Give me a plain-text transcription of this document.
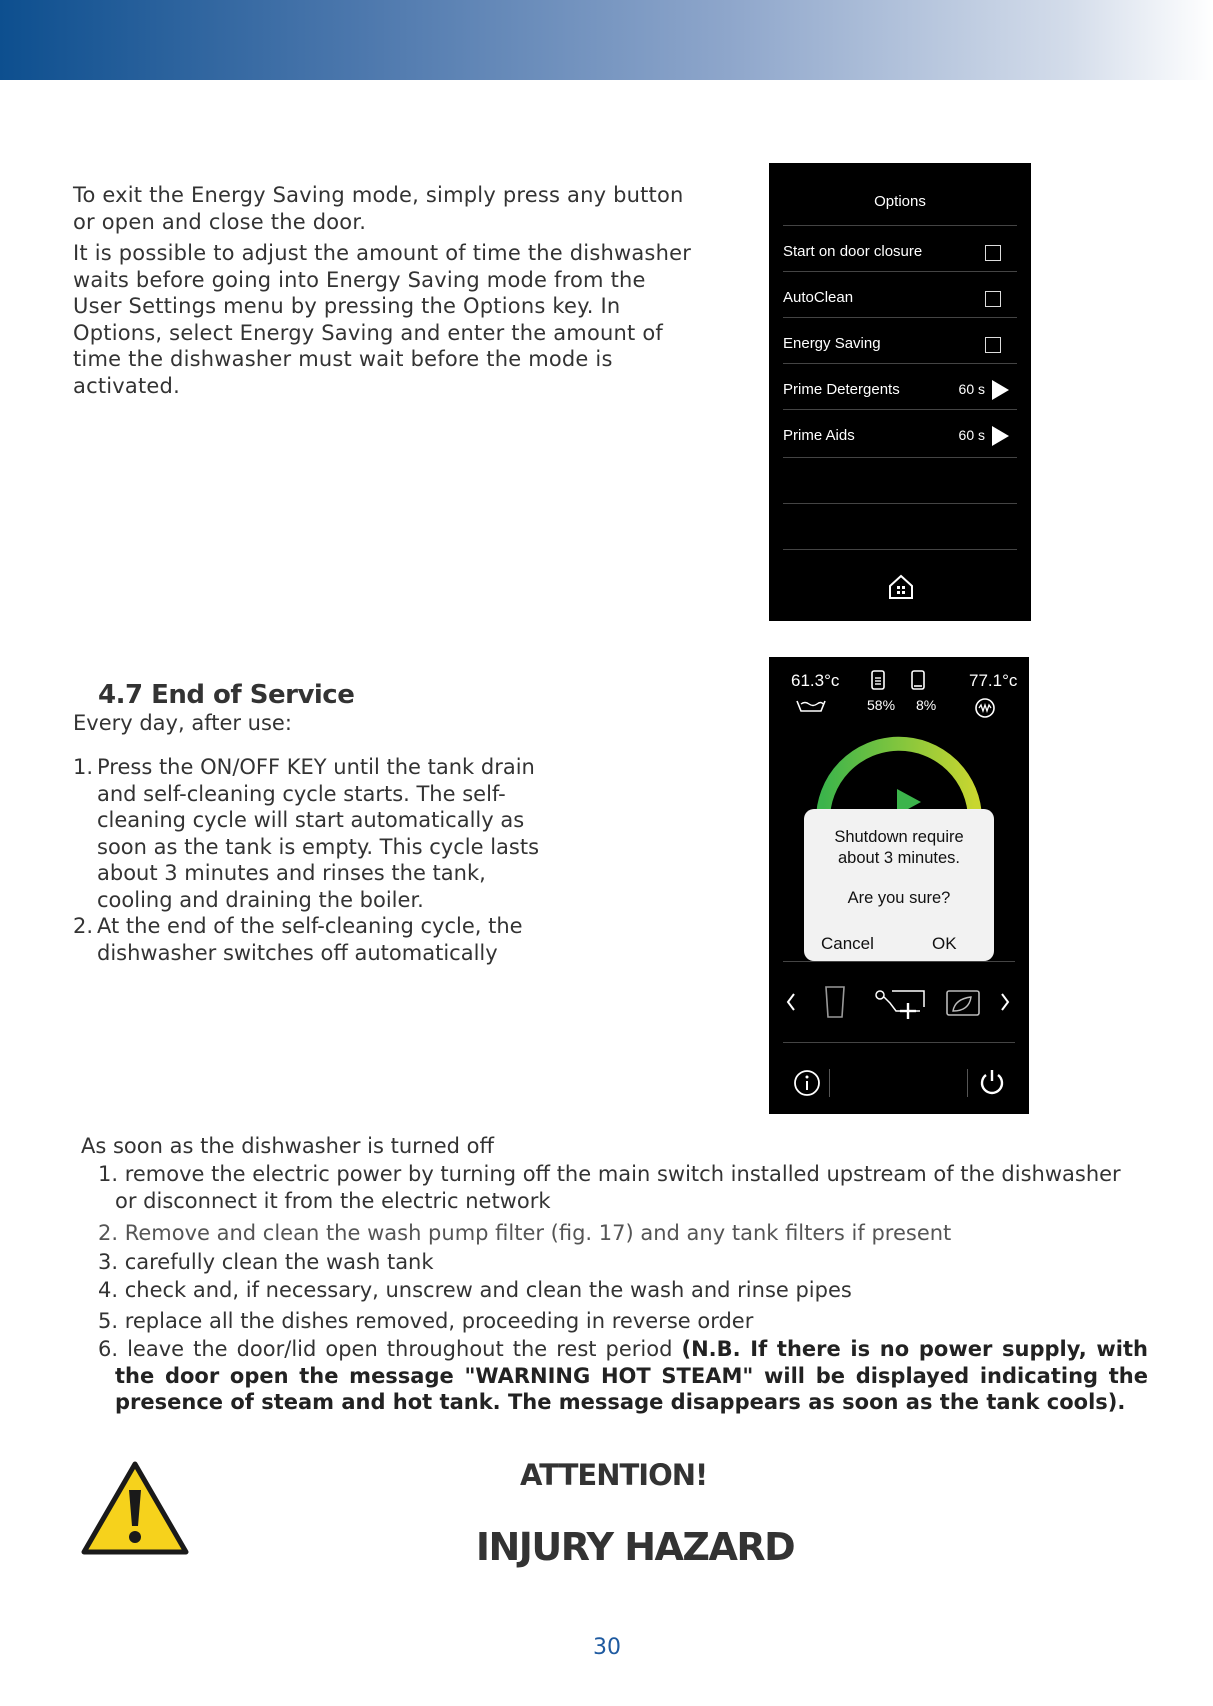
To exit the Energy Saving mode, simply press any button or open and close the door.
It is possible to adjust the amount of time the dishwasher waits before going into Energy Saving mode from the User Settings menu by pressing the Options key. In Options, select Energy Saving and enter the amount of time the dishwasher must wait before the mode is activated.
Options
Start on door closure
AutoClean
Energy Saving
Prime Detergents	60 s
Prime Aids	60 s
4.7 End of Service
Every day, after use:
1. Press the ON/OFF KEY until the tank drain and self-cleaning cycle starts. The self-cleaning cycle will start automatically as soon as the tank is empty. This cycle lasts about 3 minutes and rinses the tank, cooling and draining the boiler.
2. At the end of the self-cleaning cycle, the dishwasher switches off automatically
61.3°c	77.1°c
58% 8%
Shutdown require
about 3 minutes.
Are you sure?
Cancel	OK
As soon as the dishwasher is turned off
1. remove the electric power by turning off the main switch installed upstream of the dishwasher or disconnect it from the electric network
2. Remove and clean the wash pump filter (fig. 17) and any tank filters if present
3. carefully clean the wash tank
4. check and, if necessary, unscrew and clean the wash and rinse pipes
5. replace all the dishes removed, proceeding in reverse order
6. leave the door/lid open throughout the rest period (N.B. If there is no power supply, with the door open the message "WARNING HOT STEAM" will be displayed indicating the presence of steam and hot tank. The message disappears as soon as the tank cools).
ATTENTION!
INJURY HAZARD
30
